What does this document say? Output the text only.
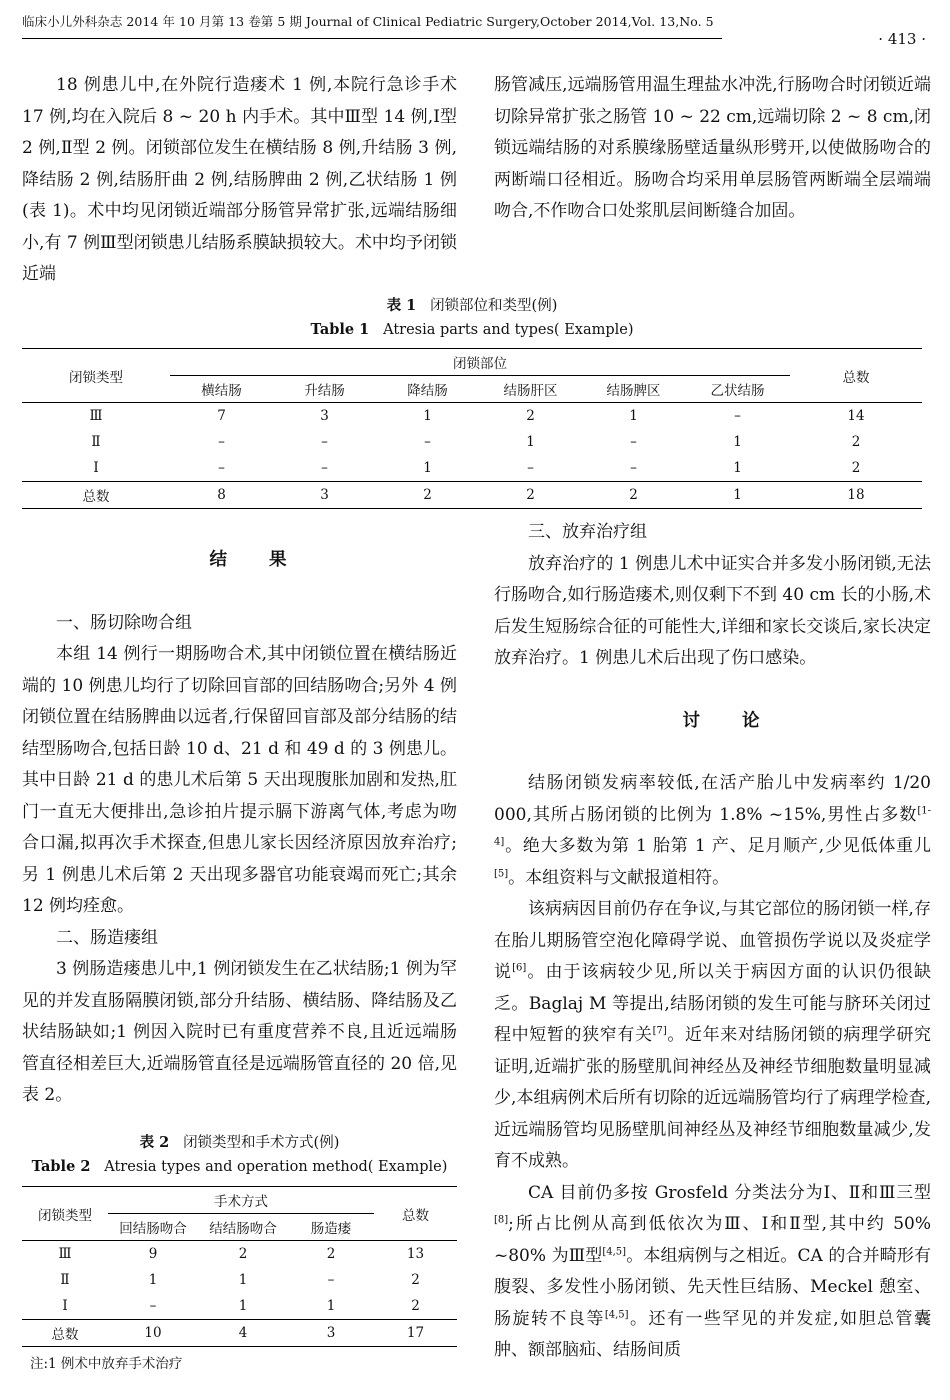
临床小儿外科杂志 2014 年 10 月第 13 卷第 5 期 Journal of Clinical Pediatric Surgery,October 2014,Vol. 13,No. 5
· 413 ·

18 例患儿中,在外院行造瘘术 1 例,本院行急诊手术 17 例,均在入院后 8 ~ 20 h 内手术。其中Ⅲ型 14 例,Ⅰ型 2 例,Ⅱ型 2 例。闭锁部位发生在横结肠 8 例,升结肠 3 例,降结肠 2 例,结肠肝曲 2 例,结肠脾曲 2 例,乙状结肠 1 例(表 1)。术中均见闭锁近端部分肠管异常扩张,远端结肠细小,有 7 例Ⅲ型闭锁患儿结肠系膜缺损较大。术中均予闭锁近端

肠管减压,远端肠管用温生理盐水冲洗,行肠吻合时闭锁近端切除异常扩张之肠管 10 ~ 22 cm,远端切除 2 ~ 8 cm,闭锁远端结肠的对系膜缘肠壁适量纵形劈开,以使做肠吻合的两断端口径相近。肠吻合均采用单层肠管两断端全层端端吻合,不作吻合口处浆肌层间断缝合加固。

表 1 闭锁部位和类型(例)
Table 1 Atresia parts and types( Example)
闭锁类型	闭锁部位						总数
	横结肠	升结肠	降结肠	结肠肝区	结肠脾区	乙状结肠	
Ⅲ	7	3	1	2	1	–	14
Ⅱ	–	–	–	1	–	1	2
Ⅰ	–	–	1	–	–	1	2
总数	8	3	2	2	2	1	18

结 果

一、肠切除吻合组

本组 14 例行一期肠吻合术,其中闭锁位置在横结肠近端的 10 例患儿均行了切除回盲部的回结肠吻合;另外 4 例闭锁位置在结肠脾曲以远者,行保留回盲部及部分结肠的结结型肠吻合,包括日龄 10 d、21 d 和 49 d 的 3 例患儿。其中日龄 21 d 的患儿术后第 5 天出现腹胀加剧和发热,肛门一直无大便排出,急诊拍片提示膈下游离气体,考虑为吻合口漏,拟再次手术探查,但患儿家长因经济原因放弃治疗;另 1 例患儿术后第 2 天出现多器官功能衰竭而死亡;其余 12 例均痊愈。

二、肠造瘘组

3 例肠造瘘患儿中,1 例闭锁发生在乙状结肠;1 例为罕见的并发直肠隔膜闭锁,部分升结肠、横结肠、降结肠及乙状结肠缺如;1 例因入院时已有重度营养不良,且近远端肠管直径相差巨大,近端肠管直径是远端肠管直径的 20 倍,见表 2。

表 2 闭锁类型和手术方式(例)
Table 2 Atresia types and operation method( Example)
闭锁类型	手术方式			总数
	回结肠吻合	结结肠吻合	肠造瘘	
Ⅲ	9	2	2	13
Ⅱ	1	1	–	2
Ⅰ	–	1	1	2
总数	10	4	3	17
注:1 例术中放弃手术治疗

三、放弃治疗组

放弃治疗的 1 例患儿术中证实合并多发小肠闭锁,无法行肠吻合,如行肠造瘘术,则仅剩下不到 40 cm 长的小肠,术后发生短肠综合征的可能性大,详细和家长交谈后,家长决定放弃治疗。1 例患儿术后出现了伤口感染。

讨 论

结肠闭锁发病率较低,在活产胎儿中发病率约 1/20 000,其所占肠闭锁的比例为 1.8% ~15%,男性占多数[1-4]。绝大多数为第 1 胎第 1 产、足月顺产,少见低体重儿[5]。本组资料与文献报道相符。

该病病因目前仍存在争议,与其它部位的肠闭锁一样,存在胎儿期肠管空泡化障碍学说、血管损伤学说以及炎症学说[6]。由于该病较少见,所以关于病因方面的认识仍很缺乏。Baglaj M 等提出,结肠闭锁的发生可能与脐环关闭过程中短暂的狭窄有关[7]。近年来对结肠闭锁的病理学研究证明,近端扩张的肠壁肌间神经丛及神经节细胞数量明显减少,本组病例术后所有切除的近远端肠管均行了病理学检查,近远端肠管均见肠壁肌间神经丛及神经节细胞数量减少,发育不成熟。

CA 目前仍多按 Grosfeld 分类法分为Ⅰ、Ⅱ和Ⅲ三型[8];所占比例从高到低依次为Ⅲ、Ⅰ和Ⅱ型,其中约 50% ~80% 为Ⅲ型[4,5]。本组病例与之相近。CA 的合并畸形有腹裂、多发性小肠闭锁、先天性巨结肠、Meckel 憩室、肠旋转不良等[4,5]。还有一些罕见的并发症,如胆总管囊肿、额部脑疝、结肠间质
